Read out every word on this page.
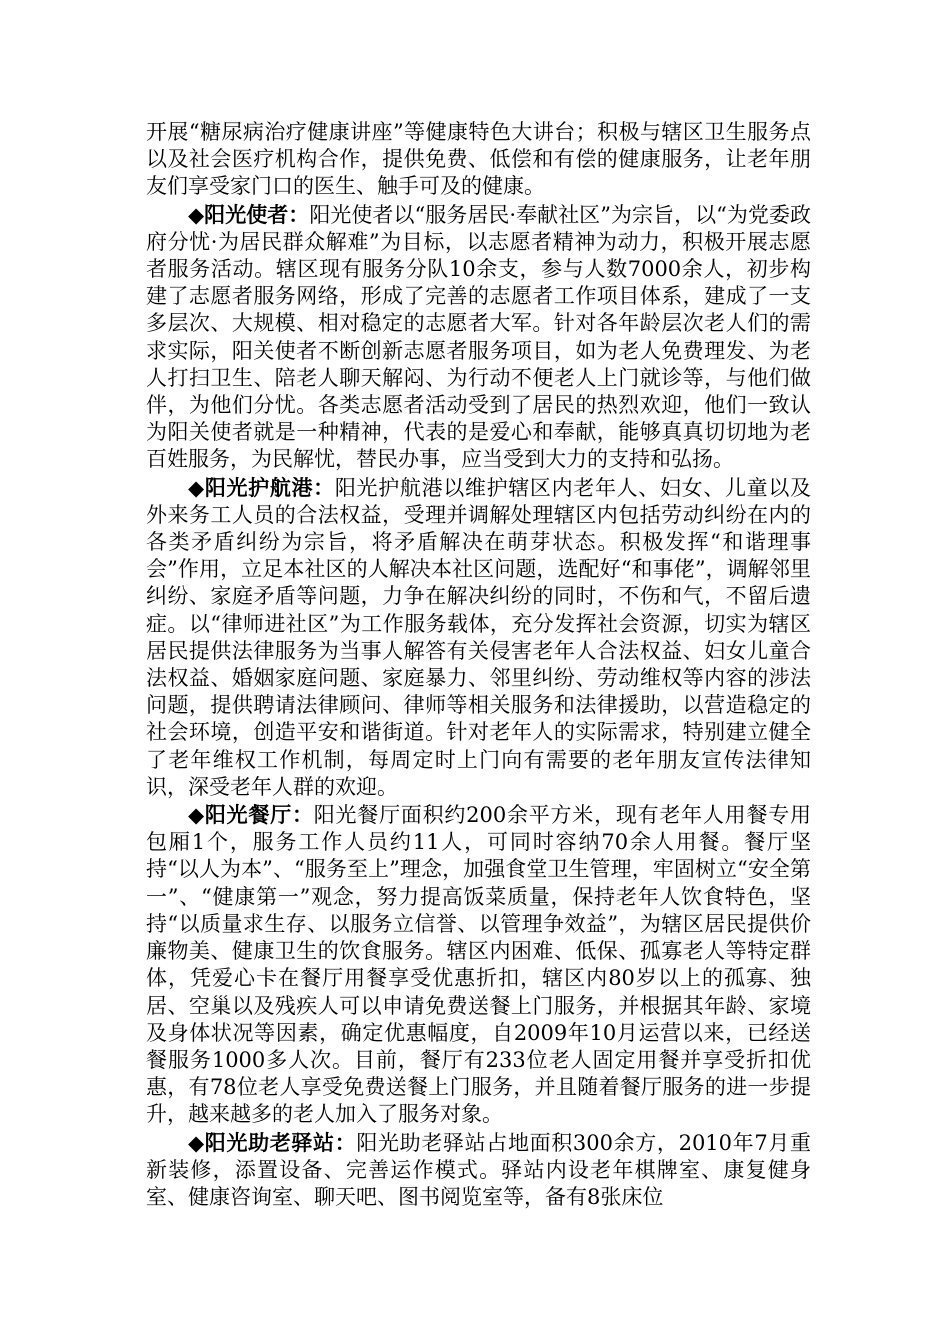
开展“糖尿病治疗健康讲座”等健康特色大讲台；积极与辖区卫生服务点以及社会医疗机构合作，提供免费、低偿和有偿的健康服务，让老年朋友们享受家门口的医生、触手可及的健康。

◆阳光使者：阳光使者以“服务居民·奉献社区”为宗旨，以“为党委政府分忧·为居民群众解难”为目标，以志愿者精神为动力，积极开展志愿者服务活动。辖区现有服务分队10余支，参与人数7000余人，初步构建了志愿者服务网络，形成了完善的志愿者工作项目体系，建成了一支多层次、大规模、相对稳定的志愿者大军。针对各年龄层次老人们的需求实际，阳关使者不断创新志愿者服务项目，如为老人免费理发、为老人打扫卫生、陪老人聊天解闷、为行动不便老人上门就诊等，与他们做伴，为他们分忧。各类志愿者活动受到了居民的热烈欢迎，他们一致认为阳关使者就是一种精神，代表的是爱心和奉献，能够真真切切地为老百姓服务，为民解忧，替民办事，应当受到大力的支持和弘扬。

◆阳光护航港：阳光护航港以维护辖区内老年人、妇女、儿童以及外来务工人员的合法权益，受理并调解处理辖区内包括劳动纠纷在内的各类矛盾纠纷为宗旨，将矛盾解决在萌芽状态。积极发挥“和谐理事会”作用，立足本社区的人解决本社区问题，选配好“和事佬”，调解邻里纠纷、家庭矛盾等问题，力争在解决纠纷的同时，不伤和气，不留后遗症。以“律师进社区”为工作服务载体，充分发挥社会资源，切实为辖区居民提供法律服务为当事人解答有关侵害老年人合法权益、妇女儿童合法权益、婚姻家庭问题、家庭暴力、邻里纠纷、劳动维权等内容的涉法问题，提供聘请法律顾问、律师等相关服务和法律援助，以营造稳定的社会环境，创造平安和谐街道。针对老年人的实际需求，特别建立健全了老年维权工作机制，每周定时上门向有需要的老年朋友宣传法律知识，深受老年人群的欢迎。

◆阳光餐厅：阳光餐厅面积约200余平方米，现有老年人用餐专用包厢1个，服务工作人员约11人，可同时容纳70余人用餐。餐厅坚持“以人为本”、“服务至上”理念，加强食堂卫生管理，牢固树立“安全第一”、“健康第一”观念，努力提高饭菜质量，保持老年人饮食特色，坚持“以质量求生存、以服务立信誉、以管理争效益”，为辖区居民提供价廉物美、健康卫生的饮食服务。辖区内困难、低保、孤寡老人等特定群体，凭爱心卡在餐厅用餐享受优惠折扣，辖区内80岁以上的孤寡、独居、空巢以及残疾人可以申请免费送餐上门服务，并根据其年龄、家境及身体状况等因素，确定优惠幅度，自2009年10月运营以来，已经送餐服务1000多人次。目前，餐厅有233位老人固定用餐并享受折扣优惠，有78位老人享受免费送餐上门服务，并且随着餐厅服务的进一步提升，越来越多的老人加入了服务对象。

◆阳光助老驿站：阳光助老驿站占地面积300余方，2010年7月重新装修，添置设备、完善运作模式。驿站内设老年棋牌室、康复健身室、健康咨询室、聊天吧、图书阅览室等，备有8张床位
